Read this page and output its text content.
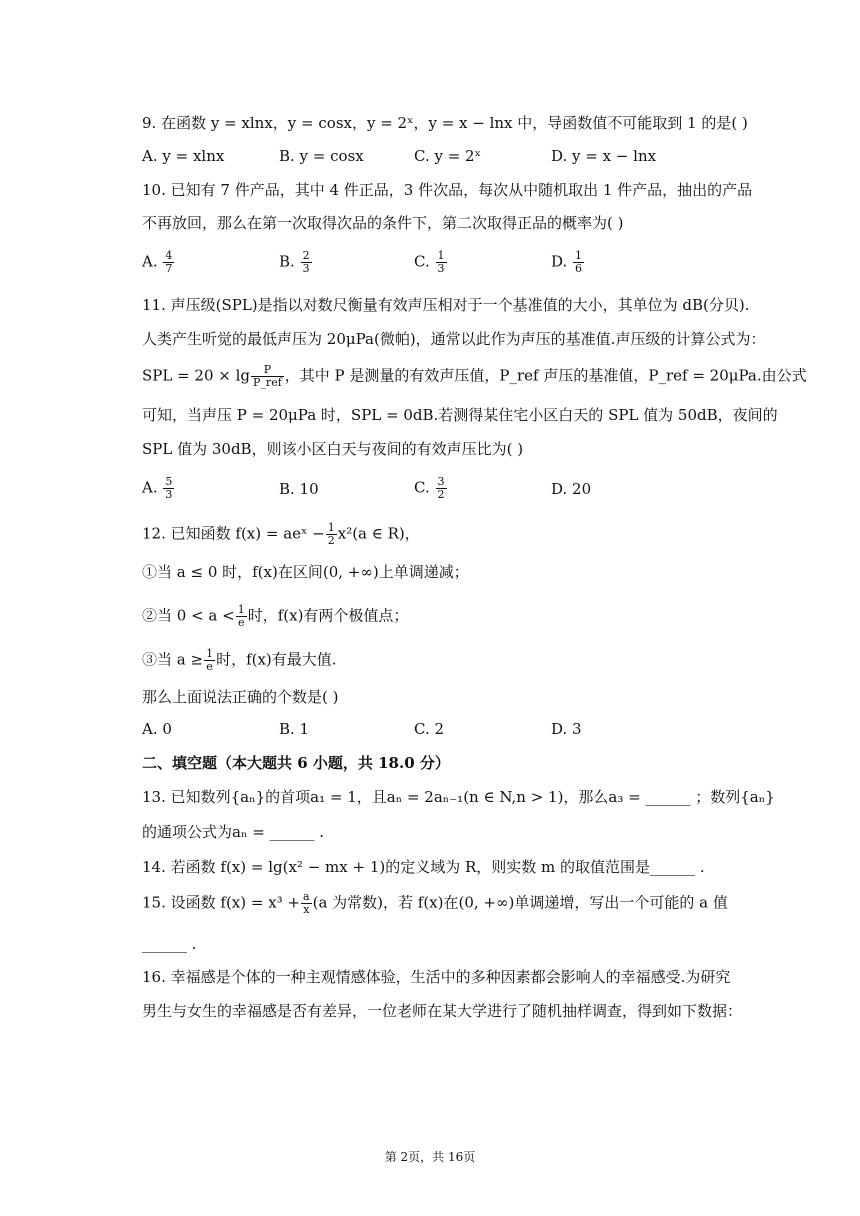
9. 在函数 y = xlnx，y = cosx，y = 2ˣ，y = x − lnx 中，导函数值不可能取到 1 的是( )
A. y = xlnx	B. y = cosx	C. y = 2ˣ	D. y = x − lnx
10. 已知有 7 件产品，其中 4 件正品，3 件次品，每次从中随机取出 1 件产品，抽出的产品
不再放回，那么在第一次取得次品的条件下，第二次取得正品的概率为( )
A. $\frac{4}{7}$	B. $\frac{2}{3}$	C. $\frac{1}{3}$	D. $\frac{1}{6}$
11. 声压级(SPL)是指以对数尺衡量有效声压相对于一个基准值的大小，其单位为 dB(分贝).
人类产生听觉的最低声压为 20μPa(微帕)，通常以此作为声压的基准值.声压级的计算公式为：
SPL = $20 \times \lg \frac{P}{\text{P\_ref}}$ ，其中 P 是测量的有效声压值，P_ref 声压的基准值，P_ref = 20μPa.由公式
可知，当声压 P = 20μPa 时，SPL = 0dB.若测得某住宅小区白天的 SPL 值为 50dB，夜间的
SPL 值为 30dB，则该小区白天与夜间的有效声压比为( )
A. $\frac{5}{3}$	B. 10	C. $\frac{3}{2}$	D. 20
12. 已知函数 f(x) = aeˣ − $\frac{1}{2} x^2(a$ ∈ R)，
①当 a ≤ 0 时，f(x)在区间(0, +∞)上单调递减；
②当 $0 < a < \frac{1}{e}$ 时，f(x)有两个极值点；
③当 $a \ge \frac{1}{e}$ 时，f(x)有最大值.
那么上面说法正确的个数是( )
A. 0	B. 1	C. 2	D. 3
二、填空题（本大题共 6 小题，共 18.0 分）
13. 已知数列{aₙ}的首项a₁ = 1，且aₙ = 2aₙ₋₁(n ∈ N,n > 1)，那么a₃ = ______ ；数列{aₙ}
的通项公式为aₙ = ______ .
14. 若函数 f(x) = lg(x² − mx + 1)的定义域为 R，则实数 m 的取值范围是______ .
15. 设函数 $f(x) = x^3 + \frac{a}{x} (a$ 为常数)，若 f(x)在(0, +∞)单调递增，写出一个可能的 a 值
______ .
16. 幸福感是个体的一种主观情感体验，生活中的多种因素都会影响人的幸福感受.为研究
男生与女生的幸福感是否有差异，一位老师在某大学进行了随机抽样调查，得到如下数据：
第 2页，共 16页
